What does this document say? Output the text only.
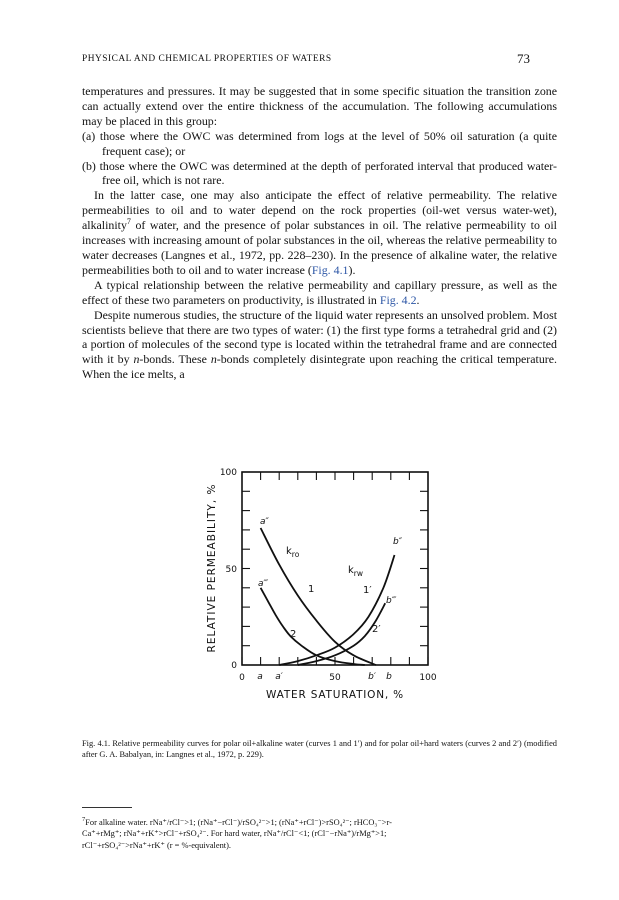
PHYSICAL AND CHEMICAL PROPERTIES OF WATERS	73

temperatures and pressures. It may be suggested that in some specific situation the transition zone can actually extend over the entire thickness of the accumulation. The following accumulations may be placed in this group:

(a) those where the OWC was determined from logs at the level of 50% oil saturation (a quite frequent case); or

(b) those where the OWC was determined at the depth of perforated interval that produced water-free oil, which is not rare.

In the latter case, one may also anticipate the effect of relative permeability. The relative permeabilities to oil and to water depend on the rock properties (oil-wet versus water-wet), alkalinity$^7$ of water, and the presence of polar substances in oil. The relative permeability to oil increases with increasing amount of polar substances in the oil, whereas the relative permeability to water decreases (Langnes et al., 1972, pp. 228–230). In the presence of alkaline water, the relative permeabilities both to oil and to water increase (Fig. 4.1).

A typical relationship between the relative permeability and capillary pressure, as well as the effect of these two parameters on productivity, is illustrated in Fig. 4.2.

Despite numerous studies, the structure of the liquid water represents an unsolved problem. Most scientists believe that there are two types of water: (1) the first type forms a tetrahedral grid and (2) a portion of molecules of the second type is located within the tetrahedral frame and are connected with it by n-bonds. These n-bonds completely disintegrate upon reaching the critical temperature. When the ice melts, a

0 a a′	50	b′ b	100
0
50
100
WATER SATURATION, %
RELATIVE PERMEABILITY, %	a″
a‴
b″
b‴
$k_{ro}$
$k_{rw}$
1
2
1′
2′
Fig. 4.1. Relative permeability curves for polar oil+alkaline water (curves 1 and 1′) and for polar oil+hard waters (curves 2 and 2′) (modified after G. A. Babalyan, in: Langnes et al., 1972, p. 229).
$^7$For alkaline water. rNa⁺/rCl⁻>1; (rNa⁺−rCl⁻)/rSO₄²⁻>1; (rNa⁺+rCl⁻)>rSO₄²⁻; rHCO₃⁻>r-
Ca⁺+rMg⁺; rNa⁺+rK⁺>rCl⁻+rSO₄²⁻. For hard water, rNa⁺/rCl⁻<1; (rCl⁻−rNa⁺)/rMg⁺>1;
rCl⁻+rSO₄²⁻>rNa⁺+rK⁺ (r = %-equivalent).
